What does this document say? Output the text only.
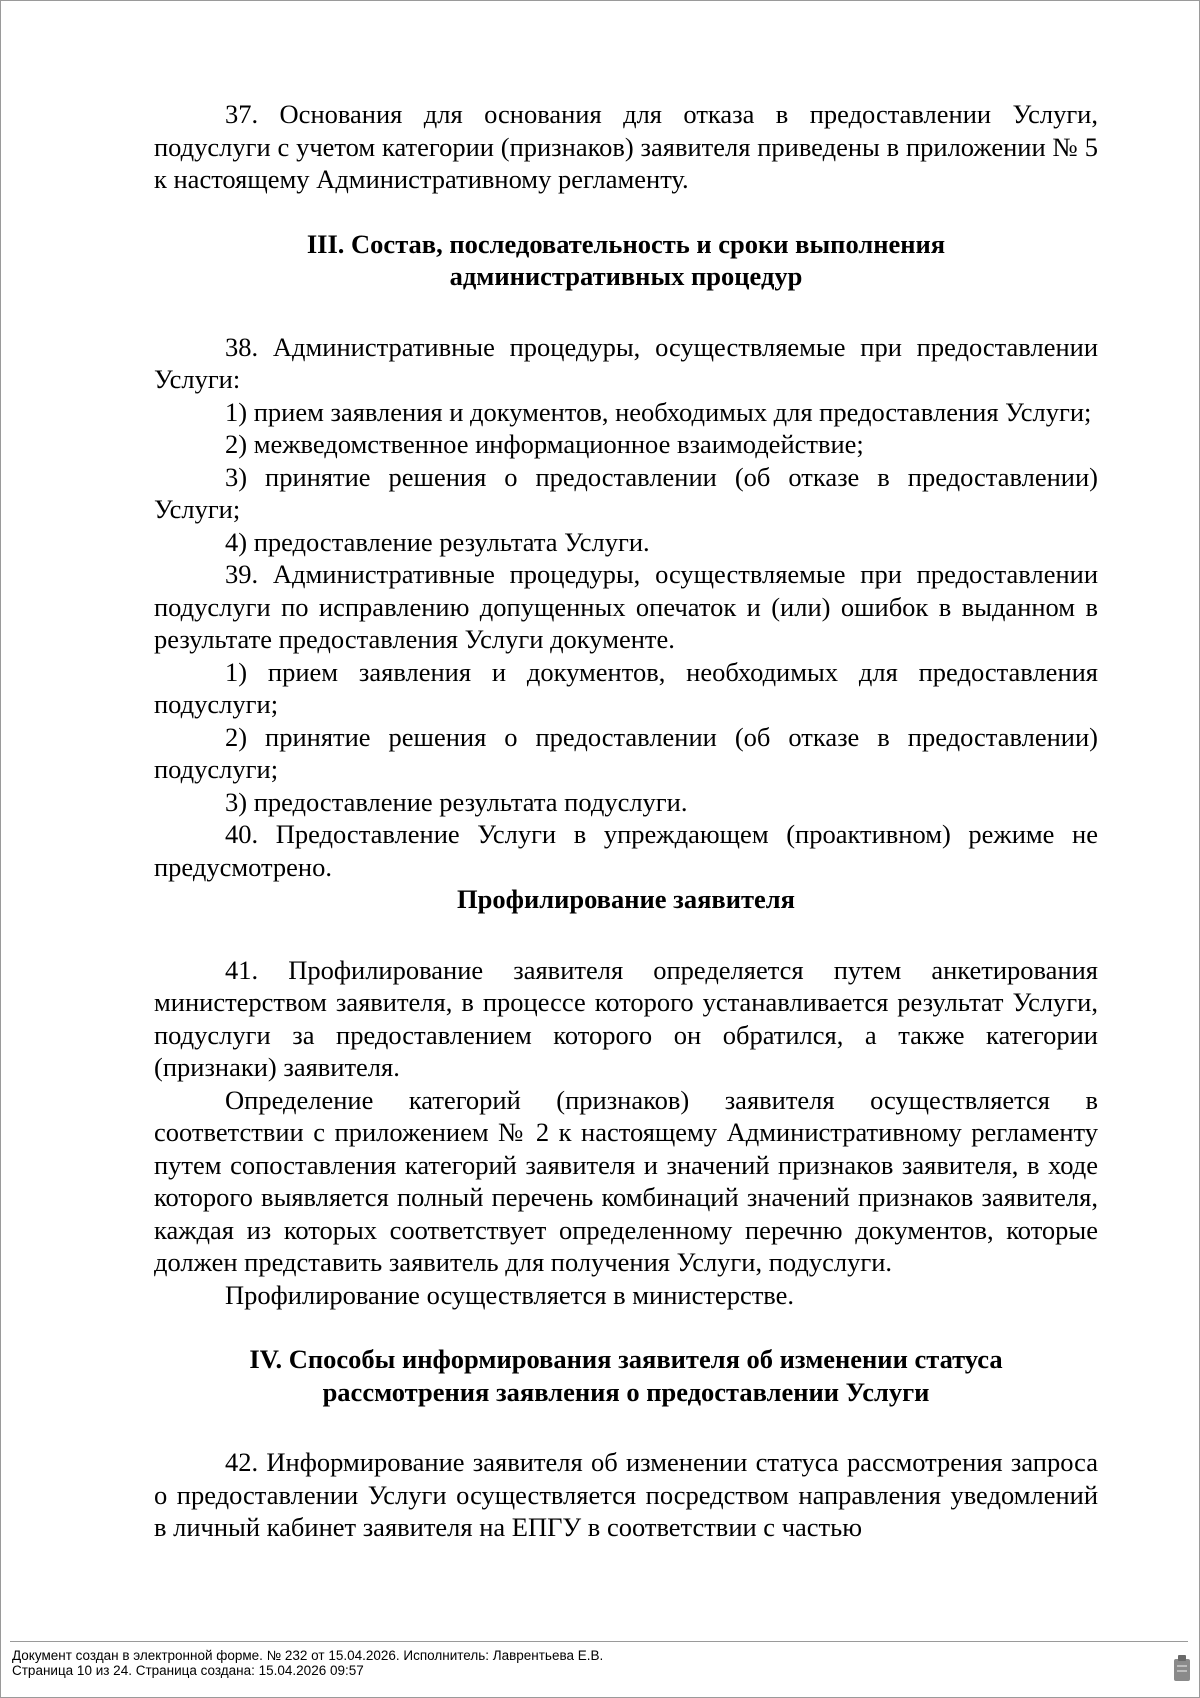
37. Основания для основания для отказа в предоставлении Услуги, подуслуги с учетом категории (признаков) заявителя приведены в приложении № 5 к настоящему Административному регламенту.

III. Состав, последовательность и сроки выполнения
административных процедур

38. Административные процедуры, осуществляемые при предоставлении Услуги:

1) прием заявления и документов, необходимых для предоставления Услуги;

2) межведомственное информационное взаимодействие;

3) принятие решения о предоставлении (об отказе в предоставлении) Услуги;

4) предоставление результата Услуги.

39. Административные процедуры, осуществляемые при предоставлении подуслуги по исправлению допущенных опечаток и (или) ошибок в выданном в результате предоставления Услуги документе.

1) прием заявления и документов, необходимых для предоставления подуслуги;

2) принятие решения о предоставлении (об отказе в предоставлении) подуслуги;

3) предоставление результата подуслуги.

40. Предоставление Услуги в упреждающем (проактивном) режиме не предусмотрено.

Профилирование заявителя

41. Профилирование заявителя определяется путем анкетирования министерством заявителя, в процессе которого устанавливается результат Услуги, подуслуги за предоставлением которого он обратился, а также категории (признаки) заявителя.

Определение категорий (признаков) заявителя осуществляется в соответствии с приложением № 2 к настоящему Административному регламенту путем сопоставления категорий заявителя и значений признаков заявителя, в ходе которого выявляется полный перечень комбинаций значений признаков заявителя, каждая из которых соответствует определенному перечню документов, которые должен представить заявитель для получения Услуги, подуслуги.

Профилирование осуществляется в министерстве.

IV. Способы информирования заявителя об изменении статуса
рассмотрения заявления о предоставлении Услуги

42. Информирование заявителя об изменении статуса рассмотрения запроса о предоставлении Услуги осуществляется посредством направления уведомлений в личный кабинет заявителя на ЕПГУ в соответствии с частью

Документ создан в электронной форме. № 232 от 15.04.2026. Исполнитель: Лаврентьева Е.В.
Страница 10 из 24. Страница создана: 15.04.2026 09:57
